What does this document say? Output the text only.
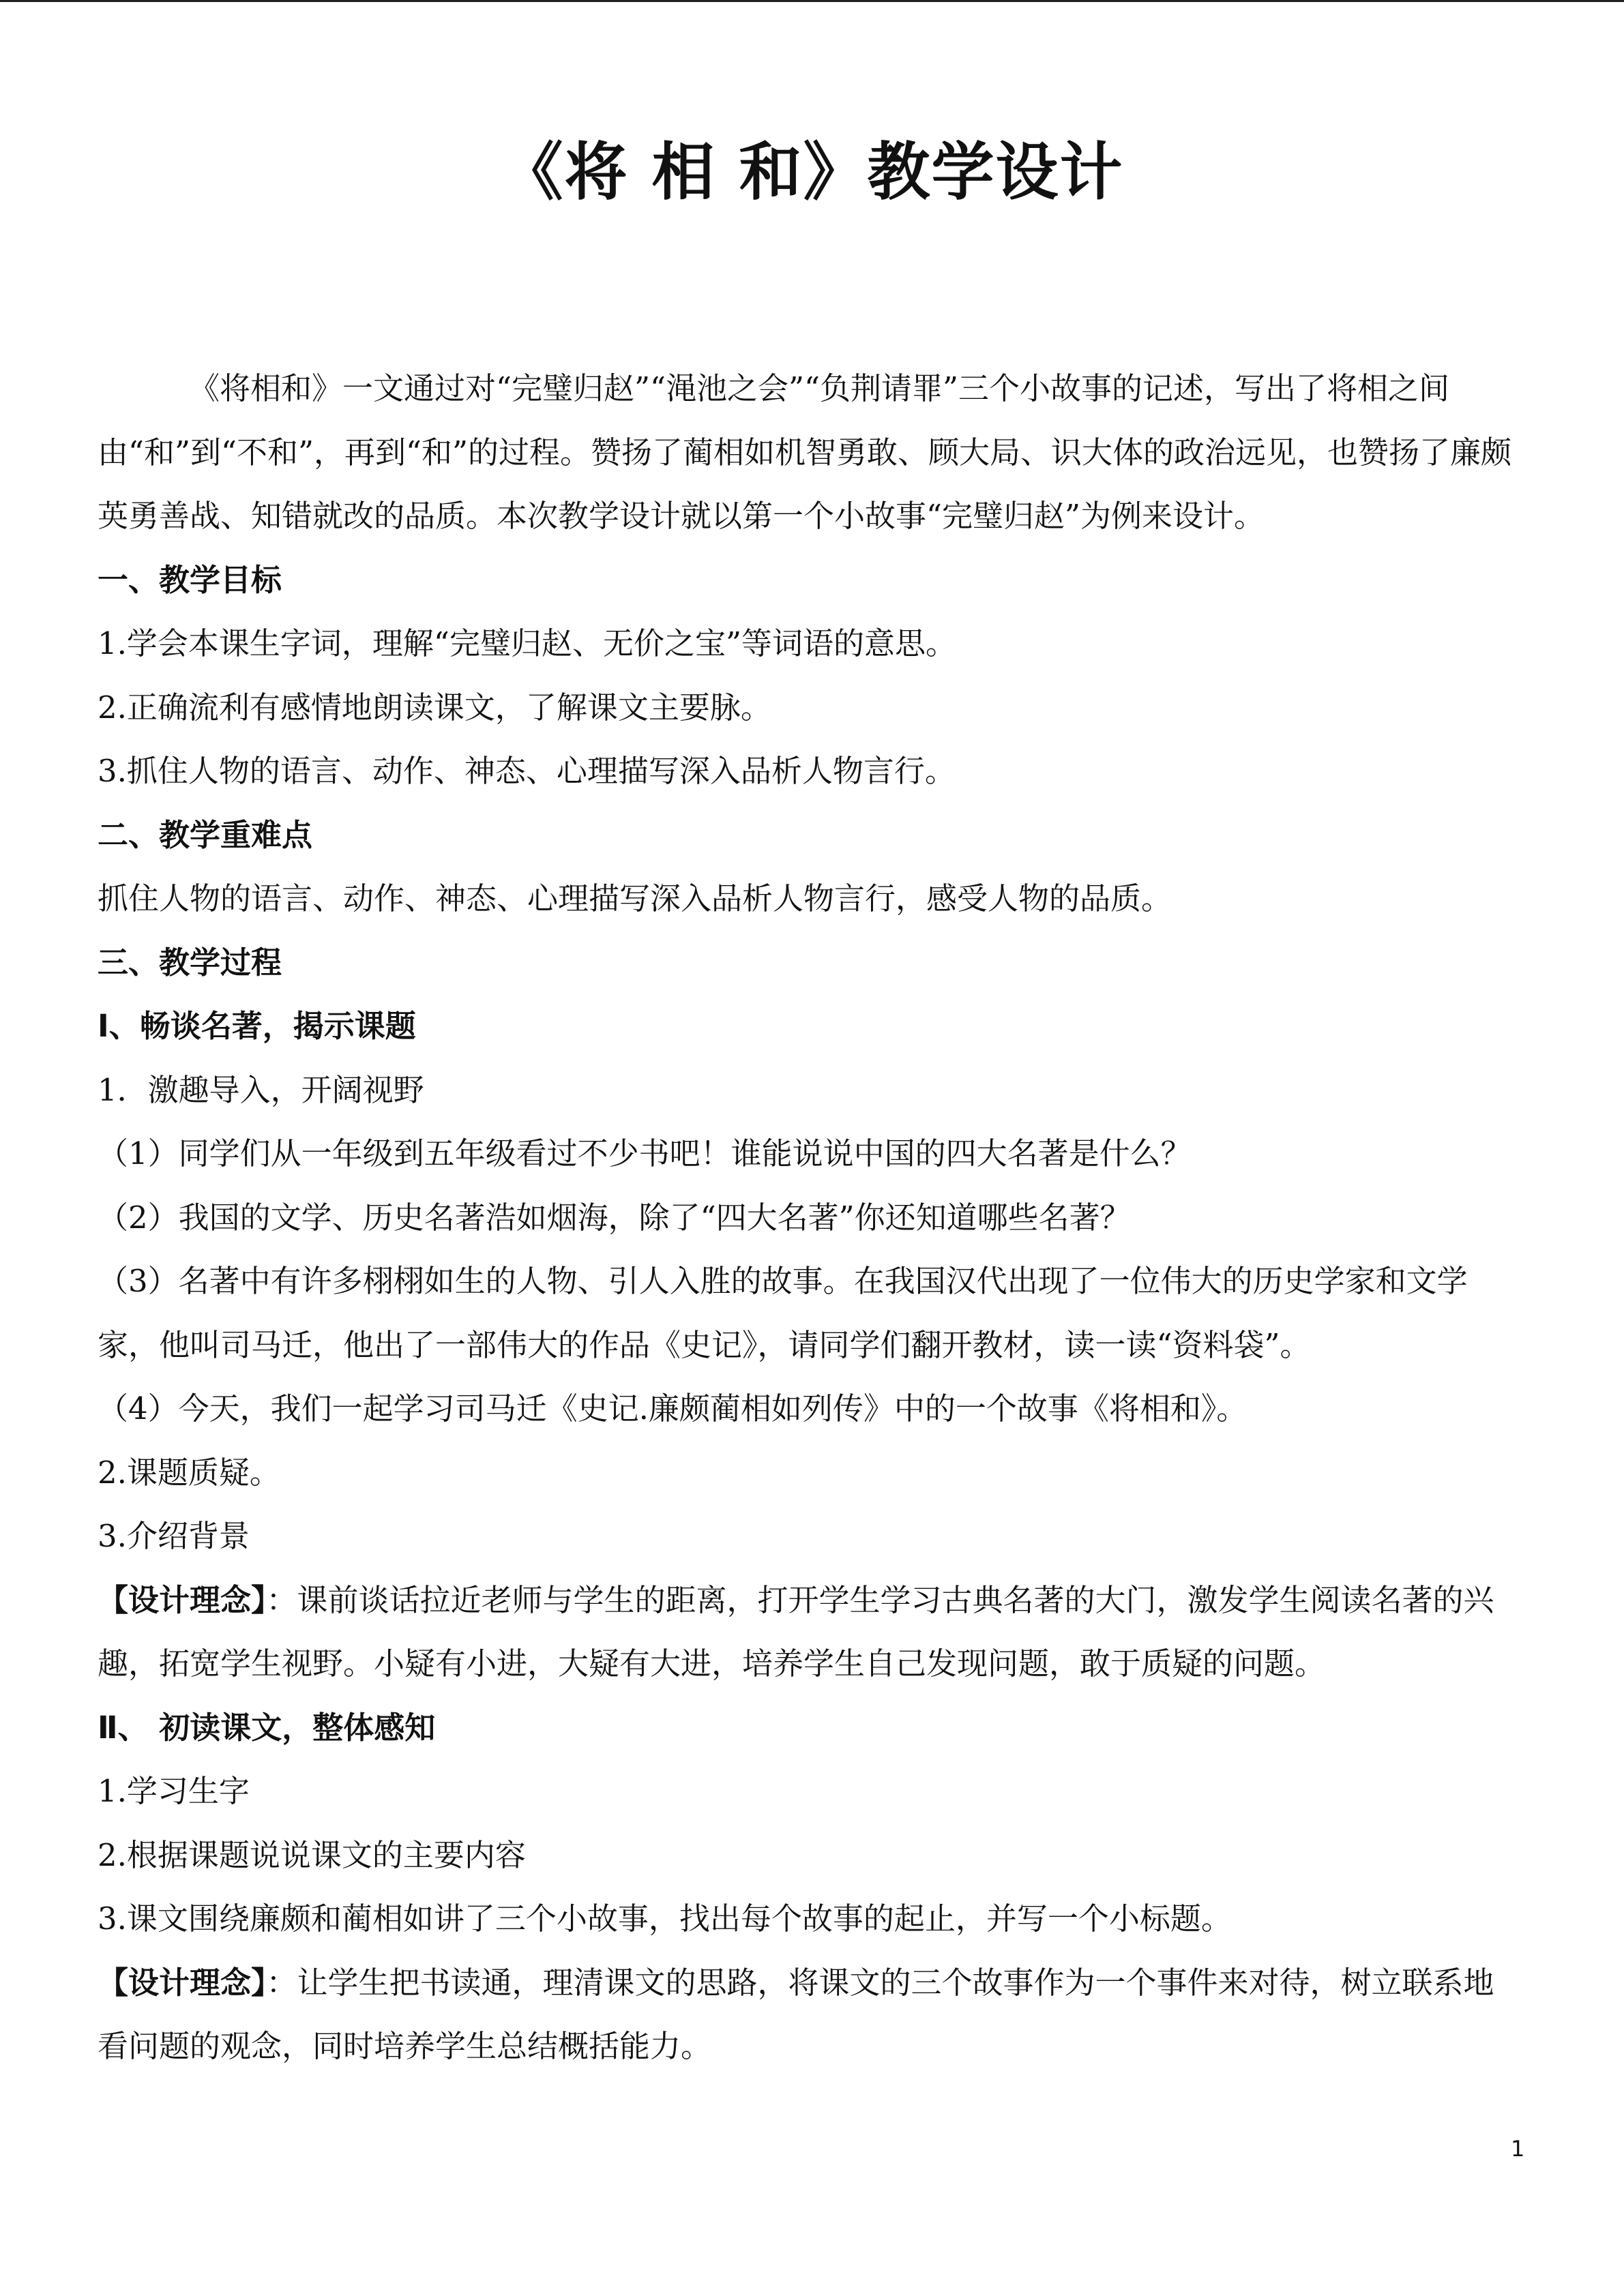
《将 相 和》教学设计

《将相和》一文通过对“完璧归赵”“渑池之会”“负荆请罪”三个小故事的记述，写出了将相之间由“和”到“不和”，再到“和”的过程。赞扬了蔺相如机智勇敢、顾大局、识大体的政治远见，也赞扬了廉颇英勇善战、知错就改的品质。本次教学设计就以第一个小故事“完璧归赵”为例来设计。

一、教学目标

1.学会本课生字词，理解“完璧归赵、无价之宝”等词语的意思。

2.正确流利有感情地朗读课文，了解课文主要脉。

3.抓住人物的语言、动作、神态、心理描写深入品析人物言行。

二、教学重难点

抓住人物的语言、动作、神态、心理描写深入品析人物言行，感受人物的品质。

三、教学过程

Ⅰ、畅谈名著，揭示课题

1．激趣导入，开阔视野

（1）同学们从一年级到五年级看过不少书吧！谁能说说中国的四大名著是什么？

（2）我国的文学、历史名著浩如烟海，除了“四大名著”你还知道哪些名著？

（3）名著中有许多栩栩如生的人物、引人入胜的故事。在我国汉代出现了一位伟大的历史学家和文学家，他叫司马迁，他出了一部伟大的作品《史记》，请同学们翻开教材，读一读“资料袋”。

（4）今天，我们一起学习司马迁《史记.廉颇蔺相如列传》中的一个故事《将相和》。

2.课题质疑。

3.介绍背景

【设计理念】：课前谈话拉近老师与学生的距离，打开学生学习古典名著的大门，激发学生阅读名著的兴趣，拓宽学生视野。小疑有小进，大疑有大进，培养学生自己发现问题，敢于质疑的问题。

Ⅱ、 初读课文，整体感知

1.学习生字

2.根据课题说说课文的主要内容

3.课文围绕廉颇和蔺相如讲了三个小故事，找出每个故事的起止，并写一个小标题。

【设计理念】：让学生把书读通，理清课文的思路，将课文的三个故事作为一个事件来对待，树立联系地看问题的观念，同时培养学生总结概括能力。

1
